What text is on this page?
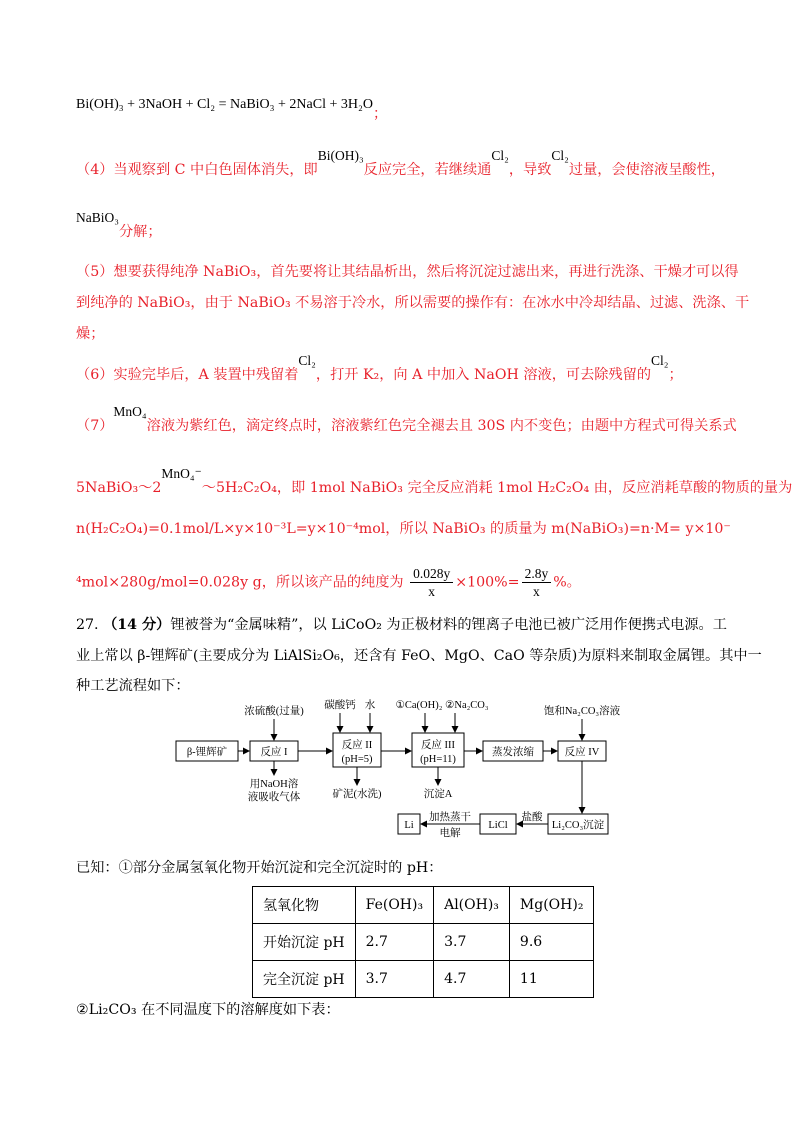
Bi(OH)₃ + 3NaOH + Cl₂ = NaBiO₃ + 2NaCl + 3H₂O；
（4）当观察到 C 中白色固体消失，即Bi(OH)₃反应完全，若继续通Cl₂，导致Cl₂过量，会使溶液呈酸性，
NaBiO₃分解；
（5）想要获得纯净 NaBiO₃，首先要将让其结晶析出，然后将沉淀过滤出来，再进行洗涤、干燥才可以得
到纯净的 NaBiO₃，由于 NaBiO₃ 不易溶于冷水，所以需要的操作有：在冰水中冷却结晶、过滤、洗涤、干
燥；
（6）实验完毕后，A 装置中残留着Cl₂，打开 K₂，向 A 中加入 NaOH 溶液，可去除残留的Cl₂；
（7）MnO₄溶液为紫红色，滴定终点时，溶液紫红色完全褪去且 30S 内不变色；由题中方程式可得关系式
5NaBiO₃～2MnO₄⁻～5H₂C₂O₄，即 1mol NaBiO₃ 完全反应消耗 1mol H₂C₂O₄ 由，反应消耗草酸的物质的量为
n(H₂C₂O₄)=0.1mol/L×y×10⁻³L=y×10⁻⁴mol，所以 NaBiO₃ 的质量为 m(NaBiO₃)=n·M= y×10⁻
⁴mol×280g/mol=0.028y g，所以该产品的纯度为 $\frac{0.028y}{x} \times 100\%= \frac{2.8y}{x}$ %。
27. （14 分）锂被誉为“金属味精”，以 LiCoO₂ 为正极材料的锂离子电池已被广泛用作便携式电源。工
业上常以 β-锂辉矿(主要成分为 LiAlSi₂O₆，还含有 FeO、MgO、CaO 等杂质)为原料来制取金属锂。其中一
种工艺流程如下：
β-锂辉矿	反应 I
浓硫酸(过量)
用NaOH溶
液吸收气体
反应 II
(pH=5)
碳酸钙 水
矿泥(水洗)
反应 III
(pH=11)
①Ca(OH)₂ ②Na₂CO₃
沉淀A
蒸发浓缩	反应 IV
饱和Na₂CO₃溶液
Li₂CO₃沉淀
盐酸
LiCl
加热蒸干
电解
Li
已知：①部分金属氢氧化物开始沉淀和完全沉淀时的 pH：
氢氧化物	Fe(OH)₃	Al(OH)₃	Mg(OH)₂
开始沉淀 pH	2.7	3.7	9.6
完全沉淀 pH	3.7	4.7	11
②Li₂CO₃ 在不同温度下的溶解度如下表：
